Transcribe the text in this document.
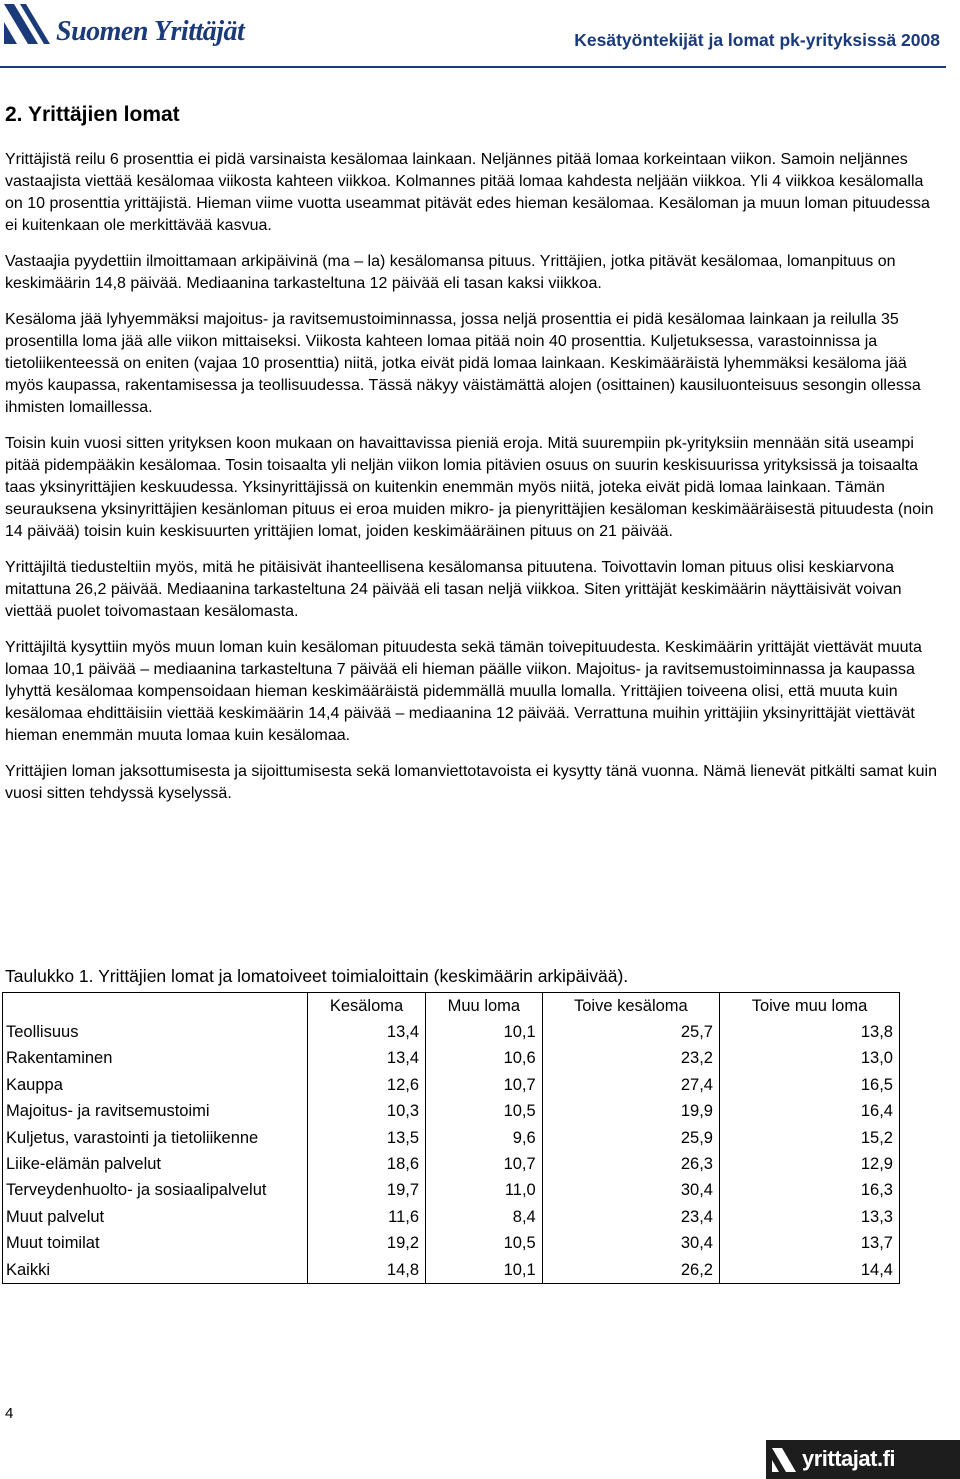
Suomen Yrittäjät	Kesätyöntekijät ja lomat pk-yrityksissä 2008
2. Yrittäjien lomat

Yrittäjistä reilu 6 prosenttia ei pidä varsinaista kesälomaa lainkaan. Neljännes pitää lomaa korkeintaan viikon. Samoin neljännes vastaajista viettää kesälomaa viikosta kahteen viikkoa. Kolmannes pitää lomaa kahdesta neljään viikkoa. Yli 4 viikkoa kesälomalla on 10 prosenttia yrittäjistä. Hieman viime vuotta useammat pitävät edes hieman kesälomaa. Kesäloman ja muun loman pituudessa ei kuitenkaan ole merkittävää kasvua.

Vastaajia pyydettiin ilmoittamaan arkipäivinä (ma – la) kesälomansa pituus. Yrittäjien, jotka pitävät kesälomaa, lomanpituus on keskimäärin 14,8 päivää. Mediaanina tarkasteltuna 12 päivää eli tasan kaksi viikkoa.

Kesäloma jää lyhyemmäksi majoitus- ja ravitsemustoiminnassa, jossa neljä prosenttia ei pidä kesälomaa lainkaan ja reilulla 35 prosentilla loma jää alle viikon mittaiseksi. Viikosta kahteen lomaa pitää noin 40 prosenttia. Kuljetuksessa, varastoinnissa ja tietoliikenteessä on eniten (vajaa 10 prosenttia) niitä, jotka eivät pidä lomaa lainkaan. Keskimääräistä lyhemmäksi kesäloma jää myös kaupassa, rakentamisessa ja teollisuudessa. Tässä näkyy väistämättä alojen (osittainen) kausiluonteisuus sesongin ollessa ihmisten lomaillessa.

Toisin kuin vuosi sitten yrityksen koon mukaan on havaittavissa pieniä eroja. Mitä suurempiin pk-yrityksiin mennään sitä useampi pitää pidempääkin kesälomaa. Tosin toisaalta yli neljän viikon lomia pitävien osuus on suurin keskisuurissa yrityksissä ja toisaalta taas yksinyrittäjien keskuudessa. Yksinyrittäjissä on kuitenkin enemmän myös niitä, joteka eivät pidä lomaa lainkaan. Tämän seurauksena yksinyrittäjien kesänloman pituus ei eroa muiden mikro- ja pienyrittäjien kesäloman keskimääräisestä pituudesta (noin 14 päivää) toisin kuin keskisuurten yrittäjien lomat, joiden keskimääräinen pituus on 21 päivää.

Yrittäjiltä tiedusteltiin myös, mitä he pitäisivät ihanteellisena kesälomansa pituutena. Toivottavin loman pituus olisi keskiarvona mitattuna 26,2 päivää. Mediaanina tarkasteltuna 24 päivää eli tasan neljä viikkoa. Siten yrittäjät keskimäärin näyttäisivät voivan viettää puolet toivomastaan kesälomasta.

Yrittäjiltä kysyttiin myös muun loman kuin kesäloman pituudesta sekä tämän toivepituudesta. Keskimäärin yrittäjät viettävät muuta lomaa 10,1 päivää – mediaanina tarkasteltuna 7 päivää eli hieman päälle viikon. Majoitus- ja ravitsemustoiminnassa ja kaupassa lyhyttä kesälomaa kompensoidaan hieman keskimääräistä pidemmällä muulla lomalla. Yrittäjien toiveena olisi, että muuta kuin kesälomaa ehdittäisiin viettää keskimäärin 14,4 päivää – mediaanina 12 päivää. Verrattuna muihin yrittäjiin yksinyrittäjät viettävät hieman enemmän muuta lomaa kuin kesälomaa.

Yrittäjien loman jaksottumisesta ja sijoittumisesta sekä lomanviettotavoista ei kysytty tänä vuonna. Nämä lienevät pitkälti samat kuin vuosi sitten tehdyssä kyselyssä.

Taulukko 1. Yrittäjien lomat ja lomatoiveet toimialoittain (keskimäärin arkipäivää).
	Kesäloma	Muu loma	Toive kesäloma	Toive muu loma
Teollisuus	13,4	10,1	25,7	13,8
Rakentaminen	13,4	10,6	23,2	13,0
Kauppa	12,6	10,7	27,4	16,5
Majoitus- ja ravitsemustoimi	10,3	10,5	19,9	16,4
Kuljetus, varastointi ja tietoliikenne	13,5	9,6	25,9	15,2
Liike-elämän palvelut	18,6	10,7	26,3	12,9
Terveydenhuolto- ja sosiaalipalvelut	19,7	11,0	30,4	16,3
Muut palvelut	11,6	8,4	23,4	13,3
Muut toimilat	19,2	10,5	30,4	13,7
Kaikki	14,8	10,1	26,2	14,4
4
yrittajat.fi
